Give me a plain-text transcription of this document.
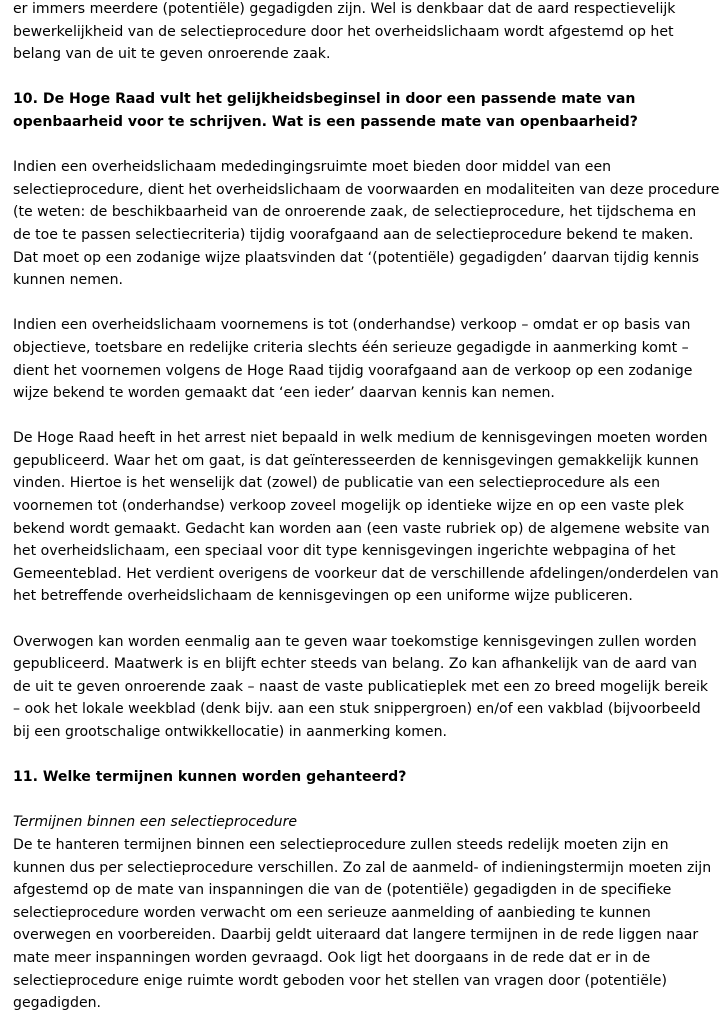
er immers meerdere (potentiële) gegadigden zijn. Wel is denkbaar dat de aard respectievelijk
bewerkelijkheid van de selectieprocedure door het overheidslichaam wordt afgestemd op het
belang van de uit te geven onroerende zaak.

10. De Hoge Raad vult het gelijkheidsbeginsel in door een passende mate van
openbaarheid voor te schrijven. Wat is een passende mate van openbaarheid?

Indien een overheidslichaam mededingingsruimte moet bieden door middel van een
selectieprocedure, dient het overheidslichaam de voorwaarden en modaliteiten van deze procedure
(te weten: de beschikbaarheid van de onroerende zaak, de selectieprocedure, het tijdschema en
de toe te passen selectiecriteria) tijdig voorafgaand aan de selectieprocedure bekend te maken.
Dat moet op een zodanige wijze plaatsvinden dat ‘(potentiële) gegadigden’ daarvan tijdig kennis
kunnen nemen.

Indien een overheidslichaam voornemens is tot (onderhandse) verkoop – omdat er op basis van
objectieve, toetsbare en redelijke criteria slechts één serieuze gegadigde in aanmerking komt –
dient het voornemen volgens de Hoge Raad tijdig voorafgaand aan de verkoop op een zodanige
wijze bekend te worden gemaakt dat ‘een ieder’ daarvan kennis kan nemen.

De Hoge Raad heeft in het arrest niet bepaald in welk medium de kennisgevingen moeten worden
gepubliceerd. Waar het om gaat, is dat geïnteresseerden de kennisgevingen gemakkelijk kunnen
vinden. Hiertoe is het wenselijk dat (zowel) de publicatie van een selectieprocedure als een
voornemen tot (onderhandse) verkoop zoveel mogelijk op identieke wijze en op een vaste plek
bekend wordt gemaakt. Gedacht kan worden aan (een vaste rubriek op) de algemene website van
het overheidslichaam, een speciaal voor dit type kennisgevingen ingerichte webpagina of het
Gemeenteblad. Het verdient overigens de voorkeur dat de verschillende afdelingen/onderdelen van
het betreffende overheidslichaam de kennisgevingen op een uniforme wijze publiceren.

Overwogen kan worden eenmalig aan te geven waar toekomstige kennisgevingen zullen worden
gepubliceerd. Maatwerk is en blijft echter steeds van belang. Zo kan afhankelijk van de aard van
de uit te geven onroerende zaak – naast de vaste publicatieplek met een zo breed mogelijk bereik
– ook het lokale weekblad (denk bijv. aan een stuk snippergroen) en/of een vakblad (bijvoorbeeld
bij een grootschalige ontwikkellocatie) in aanmerking komen.

11. Welke termijnen kunnen worden gehanteerd?

Termijnen binnen een selectieprocedure
De te hanteren termijnen binnen een selectieprocedure zullen steeds redelijk moeten zijn en
kunnen dus per selectieprocedure verschillen. Zo zal de aanmeld- of indieningstermijn moeten zijn
afgestemd op de mate van inspanningen die van de (potentiële) gegadigden in de specifieke
selectieprocedure worden verwacht om een serieuze aanmelding of aanbieding te kunnen
overwegen en voorbereiden. Daarbij geldt uiteraard dat langere termijnen in de rede liggen naar
mate meer inspanningen worden gevraagd. Ook ligt het doorgaans in de rede dat er in de
selectieprocedure enige ruimte wordt geboden voor het stellen van vragen door (potentiële)
gegadigden.
